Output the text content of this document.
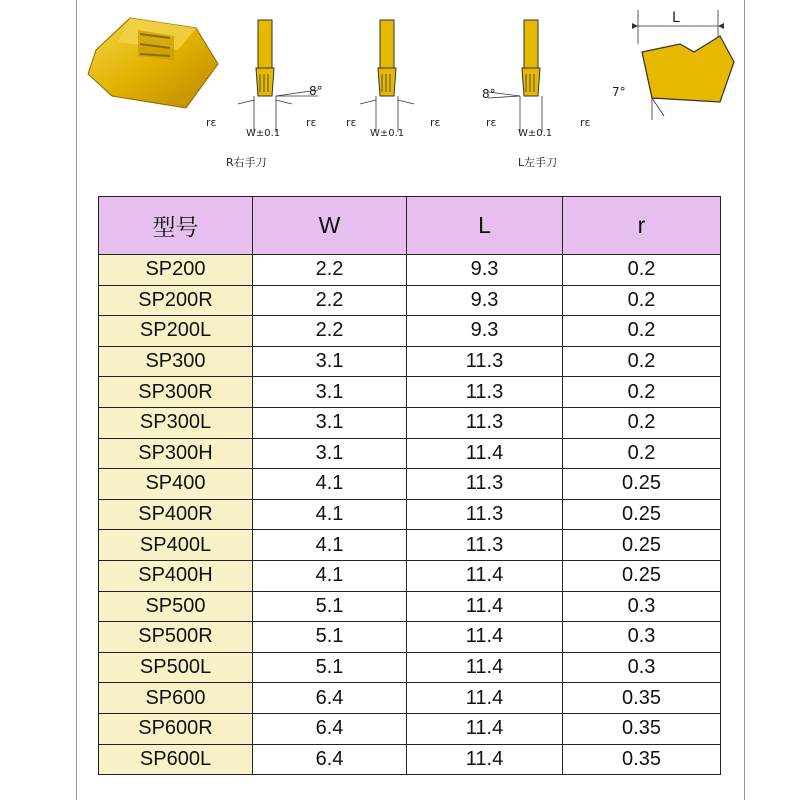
8°
rε	rε
W±0.1
rε	rε
W±0.1
R右手刀
8°
rε	rε
W±0.1
L左手刀
L
7°
型号	W	L	r
SP200	2.2	9.3	0.2
SP200R	2.2	9.3	0.2
SP200L	2.2	9.3	0.2
SP300	3.1	11.3	0.2
SP300R	3.1	11.3	0.2
SP300L	3.1	11.3	0.2
SP300H	3.1	11.4	0.2
SP400	4.1	11.3	0.25
SP400R	4.1	11.3	0.25
SP400L	4.1	11.3	0.25
SP400H	4.1	11.4	0.25
SP500	5.1	11.4	0.3
SP500R	5.1	11.4	0.3
SP500L	5.1	11.4	0.3
SP600	6.4	11.4	0.35
SP600R	6.4	11.4	0.35
SP600L	6.4	11.4	0.35
